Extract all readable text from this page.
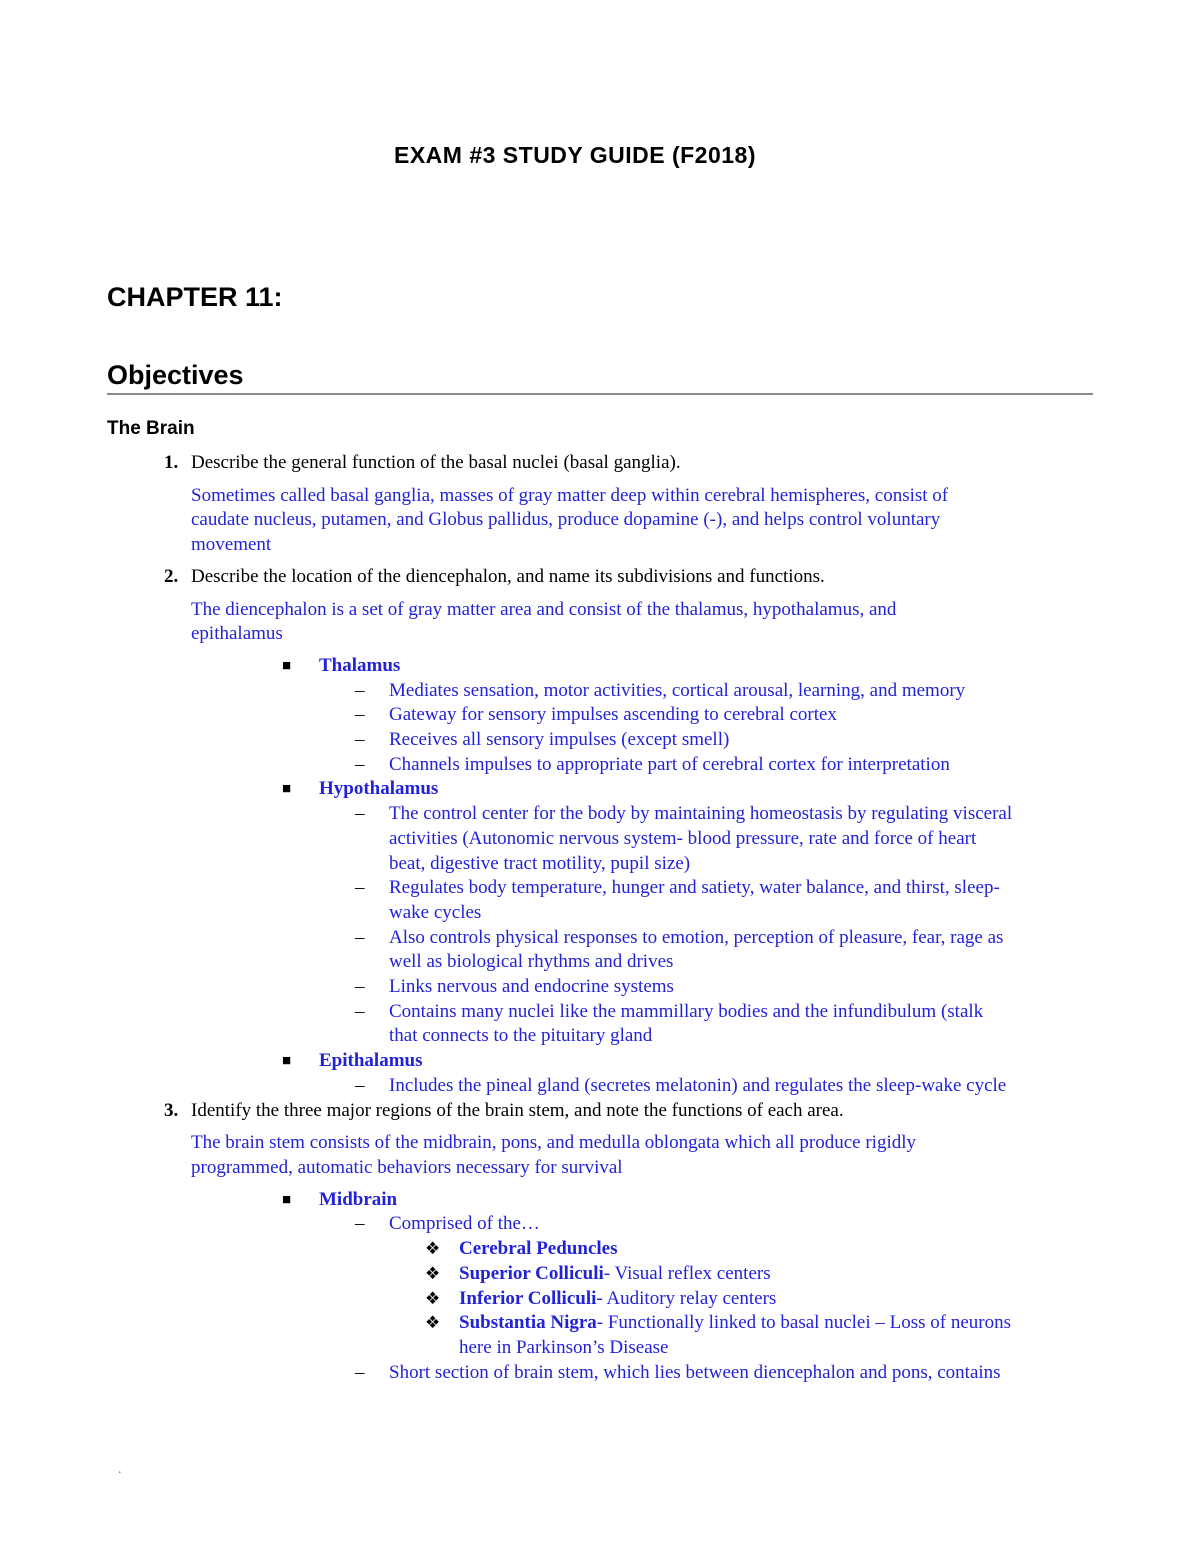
EXAM #3 STUDY GUIDE (F2018)
CHAPTER 11:
Objectives
The Brain
1. Describe the general function of the basal nuclei (basal ganglia).
Sometimes called basal ganglia, masses of gray matter deep within cerebral hemispheres, consist of
caudate nucleus, putamen, and Globus pallidus, produce dopamine (-), and helps control voluntary
movement
2. Describe the location of the diencephalon, and name its subdivisions and functions.
The diencephalon is a set of gray matter area and consist of the thalamus, hypothalamus, and
epithalamus
■ Thalamus
– Mediates sensation, motor activities, cortical arousal, learning, and memory
– Gateway for sensory impulses ascending to cerebral cortex
– Receives all sensory impulses (except smell)
– Channels impulses to appropriate part of cerebral cortex for interpretation
■ Hypothalamus
– The control center for the body by maintaining homeostasis by regulating visceral
activities (Autonomic nervous system- blood pressure, rate and force of heart
beat, digestive tract motility, pupil size)
– Regulates body temperature, hunger and satiety, water balance, and thirst, sleep-
wake cycles
– Also controls physical responses to emotion, perception of pleasure, fear, rage as
well as biological rhythms and drives
– Links nervous and endocrine systems
– Contains many nuclei like the mammillary bodies and the infundibulum (stalk
that connects to the pituitary gland
■ Epithalamus
– Includes the pineal gland (secretes melatonin) and regulates the sleep-wake cycle
3. Identify the three major regions of the brain stem, and note the functions of each area.
The brain stem consists of the midbrain, pons, and medulla oblongata which all produce rigidly
programmed, automatic behaviors necessary for survival
■ Midbrain
– Comprised of the…
❖ Cerebral Peduncles
❖ Superior Colliculi- Visual reflex centers
❖ Inferior Colliculi- Auditory relay centers
❖ Substantia Nigra- Functionally linked to basal nuclei – Loss of neurons
here in Parkinson’s Disease
– Short section of brain stem, which lies between diencephalon and pons, contains
.
